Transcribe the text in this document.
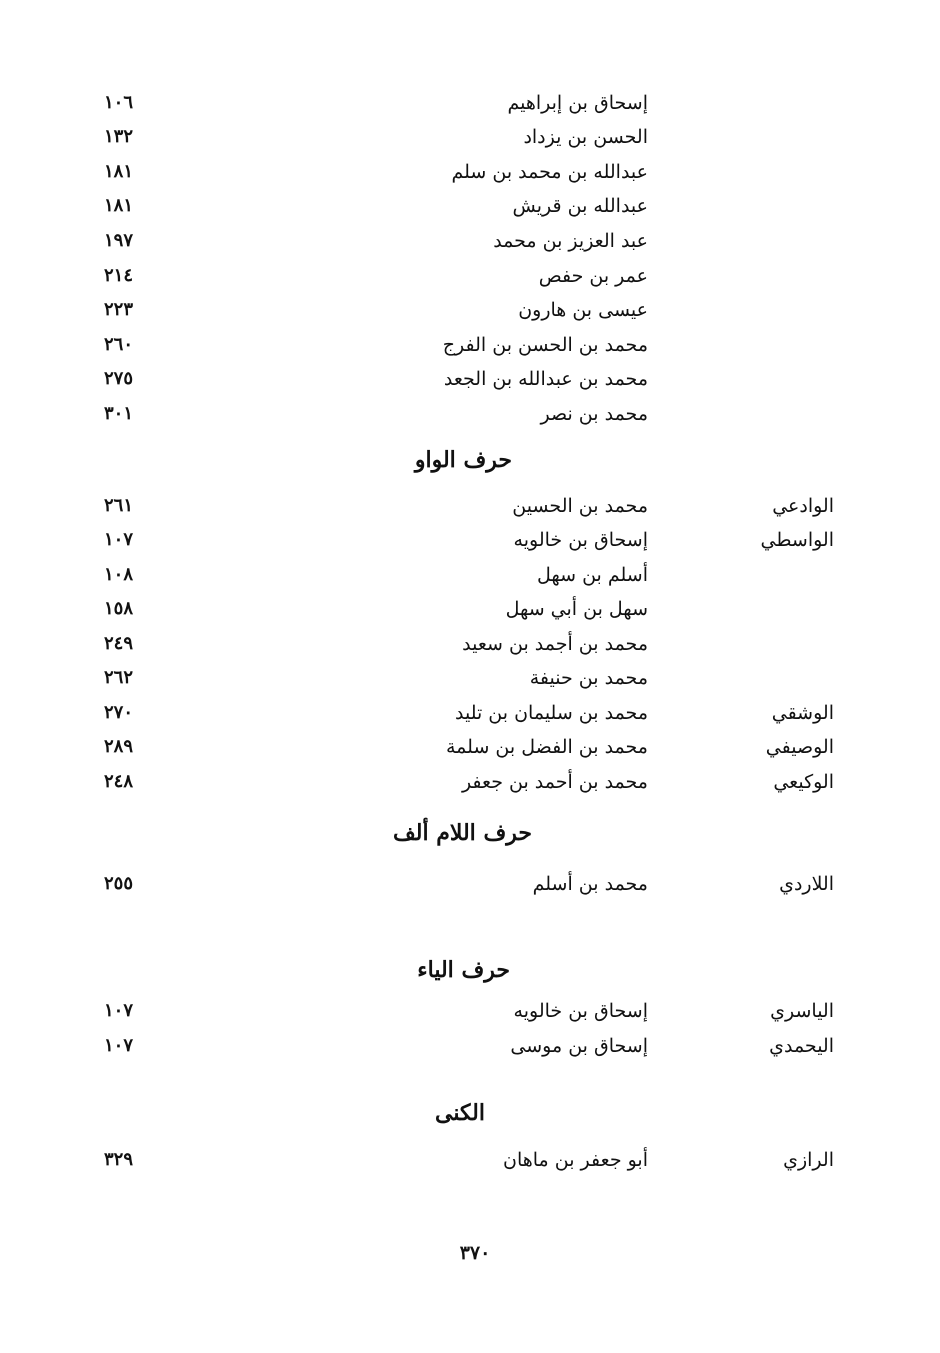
إسحاق بن إبراهيم
١٠٦
الحسن بن يزداد
١٣٢
عبدالله بن محمد بن سلم
١٨١
عبدالله بن قريش
١٨١
عبد العزيز بن محمد
١٩٧
عمر بن حفص
٢١٤
عيسى بن هارون
٢٢٣
محمد بن الحسن بن الفرج
٢٦٠
محمد بن عبدالله بن الجعد
٢٧٥
محمد بن نصر
٣٠١
حرف الواو
الوادعي
محمد بن الحسين
٢٦١
الواسطي
إسحاق بن خالويه
١٠٧
أسلم بن سهل
١٠٨
سهل بن أبي سهل
١٥٨
محمد بن أجمد بن سعيد
٢٤٩
محمد بن حنيفة
٢٦٢
الوشقي
محمد بن سليمان بن تليد
٢٧٠
الوصيفي
محمد بن الفضل بن سلمة
٢٨٩
الوكيعي
محمد بن أحمد بن جعفر
٢٤٨
حرف اللام ألف
اللاردي
محمد بن أسلم
٢٥٥
حرف الياء
الياسري
إسحاق بن خالويه
١٠٧
اليحمدي
إسحاق بن موسى
١٠٧
الكنى
الرازي
أبو جعفر بن ماهان
٣٢٩
٣٧٠
